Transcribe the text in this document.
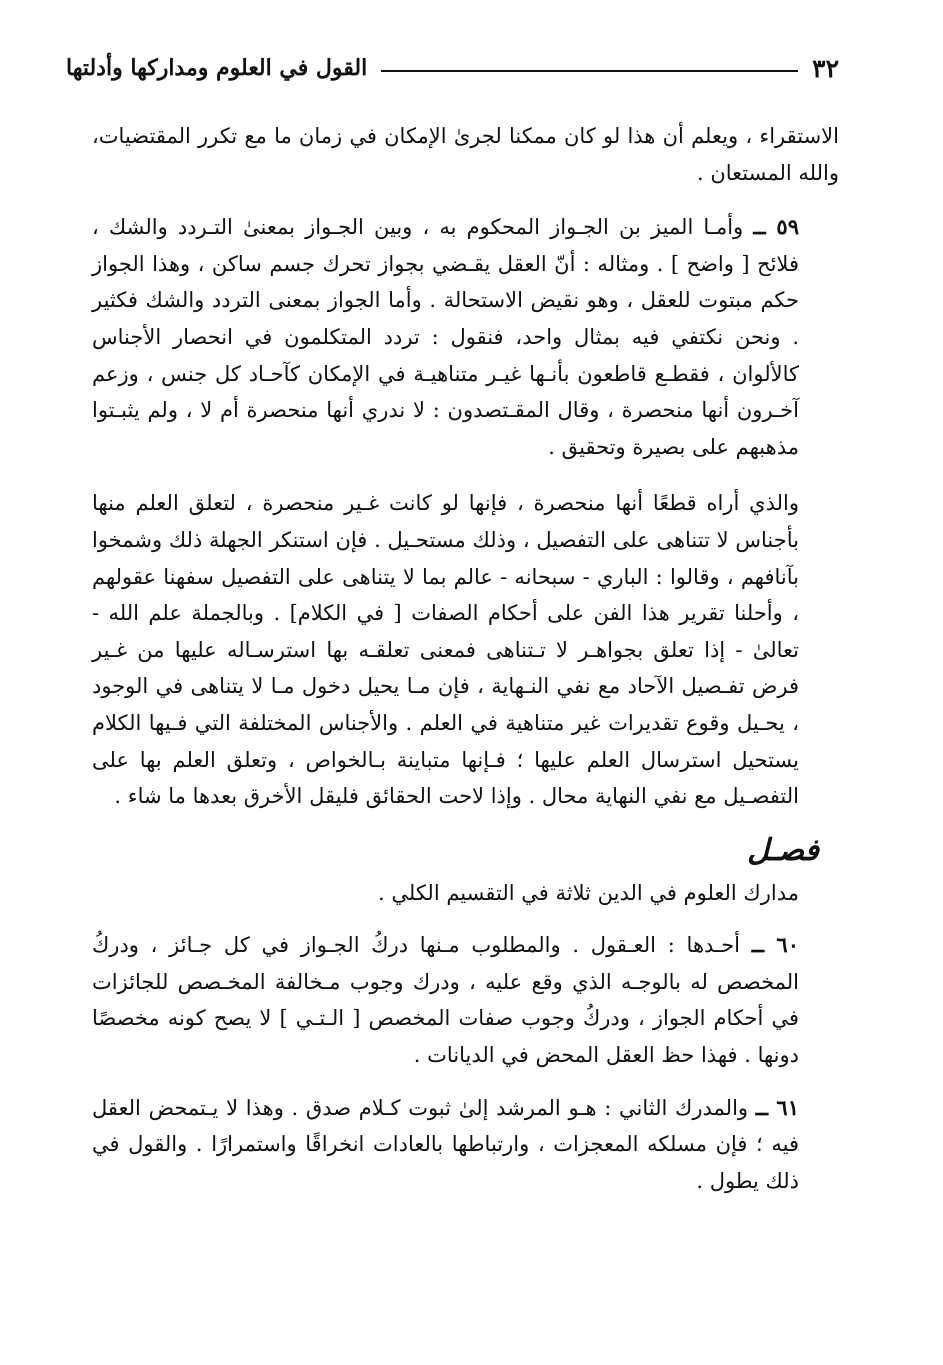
٣٢
القول في العلوم ومداركها وأدلتها

الاستقراء ، ويعلم أن هذا لو كان ممكنا لجرىٰ الإمكان في زمان ما مع تكرر المقتضيات، والله المستعان .

٥٩ ــ وأمـا الميز بن الجـواز المحكوم به ، وبين الجـواز بمعنىٰ التـردد والشك ، فلائح [ واضح ] . ومثاله : أنّ العقل يقـضي بجواز تحرك جسم ساكن ، وهذا الجواز حكم مبتوت للعقل ، وهو نقيض الاستحالة . وأما الجواز بمعنى التردد والشك فكثير . ونحن نكتفي فيه بمثال واحد، فنقول : تردد المتكلمون في انحصار الأجناس كالألوان ، فقطـع قاطعون بأنـها غيـر متناهيـة في الإمكان كآحـاد كل جنس ، وزعم آخـرون أنها منحصرة ، وقال المقـتصدون : لا ندري أنها منحصرة أم لا ، ولم يثبـتوا مذهبهم على بصيرة وتحقيق .

والذي أراه قطعًا أنها منحصرة ، فإنها لو كانت غـير منحصرة ، لتعلق العلم منها بأجناس لا تتناهى على التفصيل ، وذلك مستحـيل . فإن استنكر الجهلة ذلك وشمخوا بآنافهم ، وقالوا : الباري - سبحانه - عالم بما لا يتناهى على التفصيل سفهنا عقولهم ، وأحلنا تقرير هذا الفن على أحكام الصفات [ في الكلام] . وبالجملة علم الله - تعالىٰ - إذا تعلق بجواهـر لا تـتناهى فمعنى تعلقـه بها استرسـاله عليها من غـير فرض تفـصيل الآحاد مع نفي النـهاية ، فإن مـا يحيل دخول مـا لا يتناهى في الوجود ، يحـيل وقوع تقديرات غير متناهية في العلم . والأجناس المختلفة التي فـيها الكلام يستحيل استرسال العلم عليها ؛ فـإنها متباينة بـالخواص ، وتعلق العلم بها على التفصـيل مع نفي النهاية محال . وإذا لاحت الحقائق فليقل الأخرق بعدها ما شاء .

فصـل

مدارك العلوم في الدين ثلاثة في التقسيم الكلي .

٦٠ ــ أحـدها : العـقول . والمطلوب مـنها دركُ الجـواز في كل جـائز ، ودركُ المخصص له بالوجـه الذي وقع عليه ، ودرك وجوب مـخالفة المخـصص للجائزات في أحكام الجواز ، ودركُ وجوب صفات المخصص [ الـتـي ] لا يصح كونه مخصصًا دونها . فهذا حظ العقل المحض في الديانات .

٦١ ــ والمدرك الثاني : هـو المرشد إلىٰ ثبوت كـلام صدق . وهذا لا يـتمحض العقل فيه ؛ فإن مسلكه المعجزات ، وارتباطها بالعادات انخراقًا واستمرارًا . والقول في ذلك يطول .
